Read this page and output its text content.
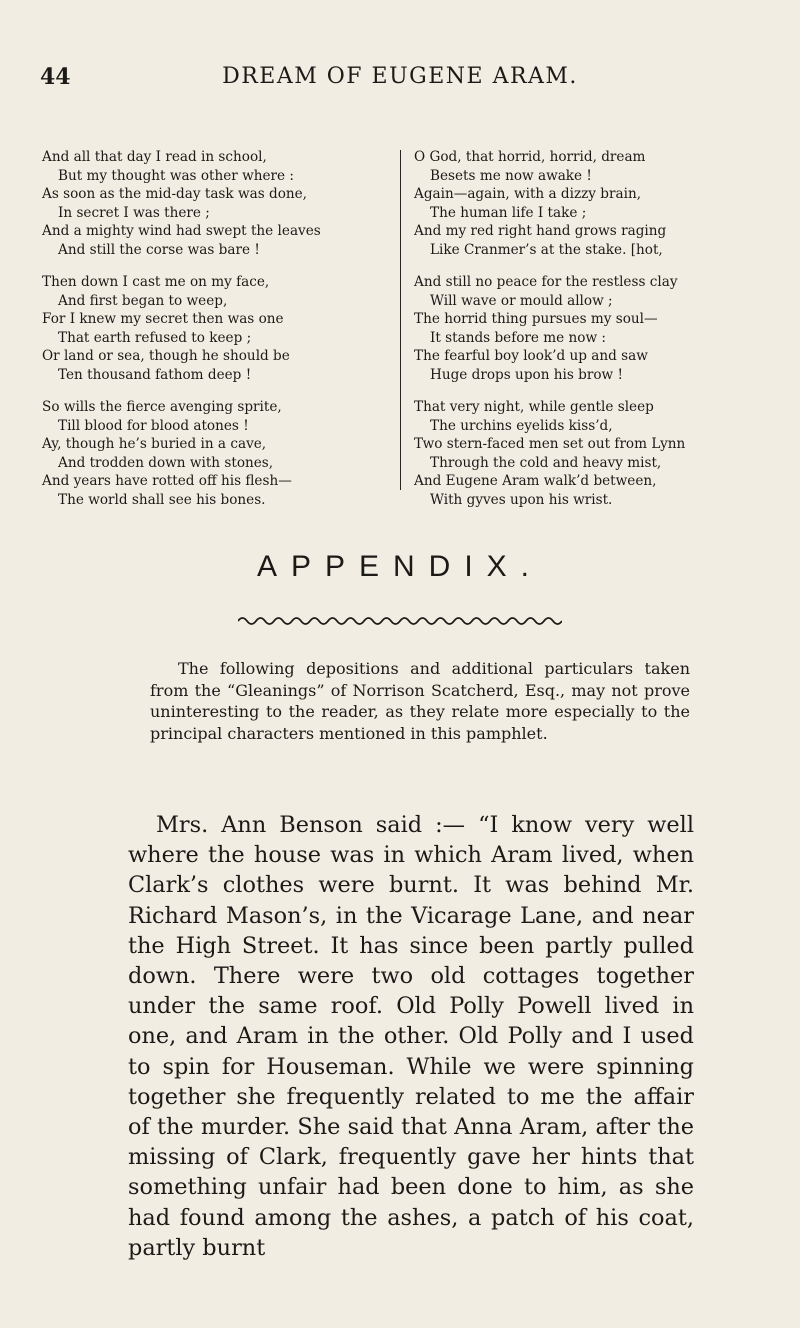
44	DREAM OF EUGENE ARAM.
And all that day I read in school,
But my thought was other where :
As soon as the mid-day task was done,
In secret I was there ;
And a mighty wind had swept the leaves
And still the corse was bare !
Then down I cast me on my face,
And first began to weep,
For I knew my secret then was one
That earth refused to keep ;
Or land or sea, though he should be
Ten thousand fathom deep !
So wills the fierce avenging sprite,
Till blood for blood atones !
Ay, though he’s buried in a cave,
And trodden down with stones,
And years have rotted off his flesh—
The world shall see his bones.
O God, that horrid, horrid, dream
Besets me now awake !
Again—again, with a dizzy brain,
The human life I take ;
And my red right hand grows raging
Like Cranmer’s at the stake. [hot,
And still no peace for the restless clay
Will wave or mould allow ;
The horrid thing pursues my soul—
It stands before me now :
The fearful boy look’d up and saw
Huge drops upon his brow !
That very night, while gentle sleep
The urchins eyelids kiss’d,
Two stern-faced men set out from Lynn
Through the cold and heavy mist,
And Eugene Aram walk’d between,
With gyves upon his wrist.
APPENDIX.

The following depositions and additional particulars taken from the “Gleanings” of Norrison Scatcherd, Esq., may not prove uninteresting to the reader, as they relate more especially to the principal characters mentioned in this pamphlet.

Mrs. Ann Benson said :— “I know very well where the house was in which Aram lived, when Clark’s clothes were burnt. It was behind Mr. Richard Mason’s, in the Vicarage Lane, and near the High Street. It has since been partly pulled down. There were two old cottages together under the same roof. Old Polly Powell lived in one, and Aram in the other. Old Polly and I used to spin for Houseman. While we were spinning together she frequently related to me the affair of the murder. She said that Anna Aram, after the missing of Clark, frequently gave her hints that something unfair had been done to him, as she had found among the ashes, a patch of his coat, partly burnt
